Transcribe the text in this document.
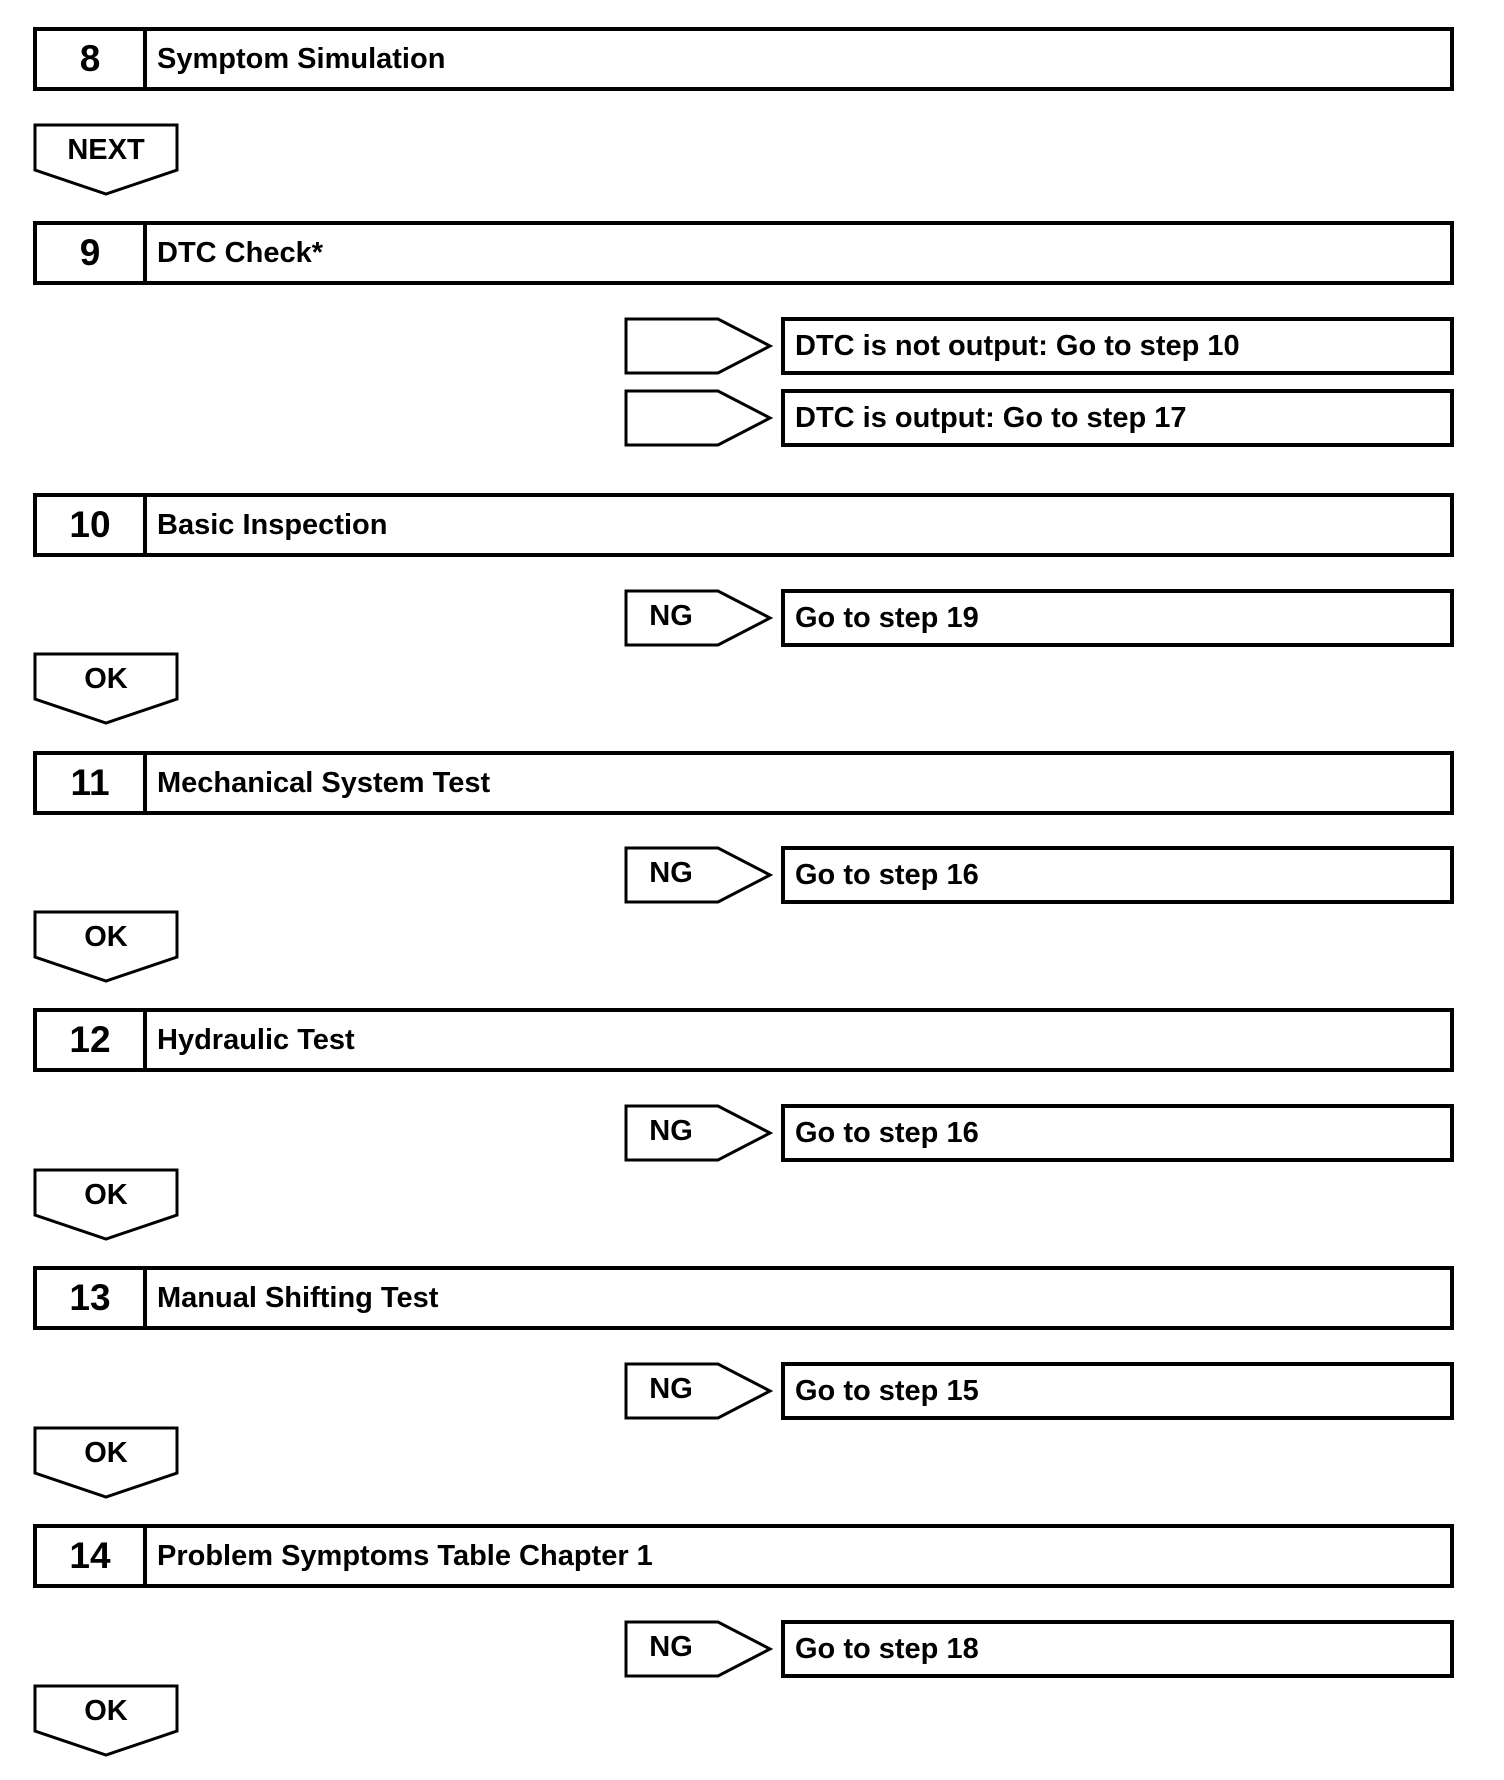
8	Symptom Simulation
NEXT
9	DTC Check*
DTC is not output: Go to step 10
DTC is output: Go to step 17
10	Basic Inspection
NG	Go to step 19
OK
11	Mechanical System Test
NG	Go to step 16
OK
12	Hydraulic Test
NG	Go to step 16
OK
13	Manual Shifting Test
NG	Go to step 15
OK
14	Problem Symptoms Table Chapter 1
NG	Go to step 18
OK
